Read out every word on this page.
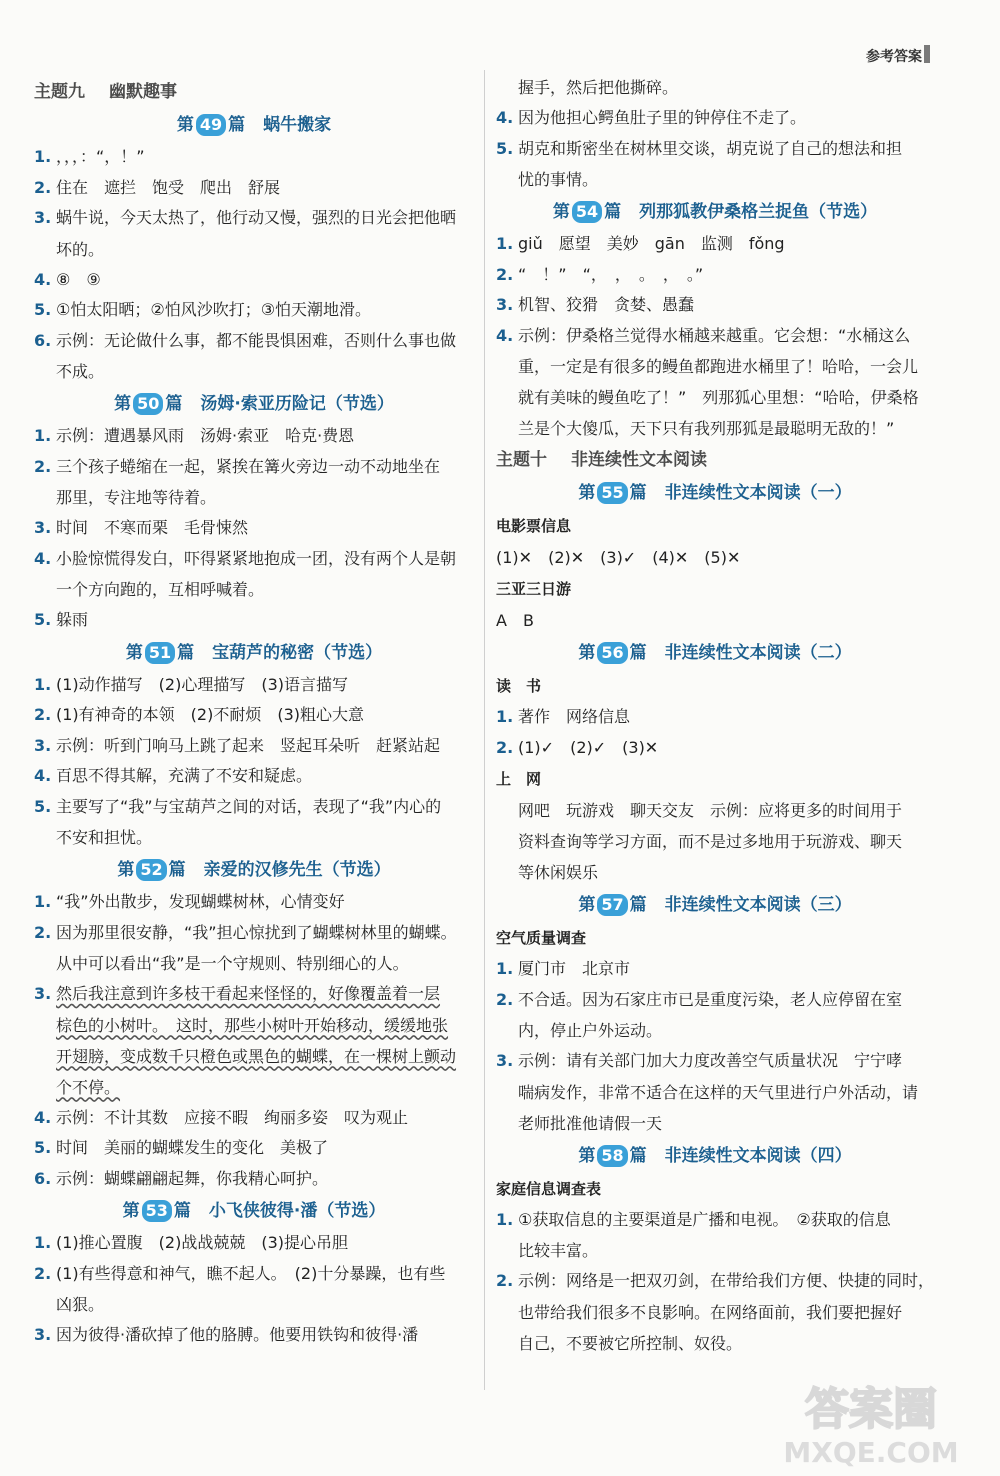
参考答案
主题九 幽默趣事
第 49 篇 蜗牛搬家
1. ，，，：“，！”
2. 住在　遮拦　饱受　爬出　舒展
3. 蜗牛说，今天太热了，他行动又慢，强烈的日光会把他晒
坏的。
4. ⑧　⑨
5. ①怕太阳晒；②怕风沙吹打；③怕天潮地滑。
6. 示例：无论做什么事，都不能畏惧困难，否则什么事也做
不成。
第 50 篇 汤姆·索亚历险记（节选）
1. 示例：遭遇暴风雨　汤姆·索亚　哈克·费恩
2. 三个孩子蜷缩在一起，紧挨在篝火旁边一动不动地坐在
那里，专注地等待着。
3. 时间　不寒而栗　毛骨悚然
4. 小脸惊慌得发白，吓得紧紧地抱成一团，没有两个人是朝
一个方向跑的，互相呼喊着。
5. 躲雨
第 51 篇 宝葫芦的秘密（节选）
1. (1)动作描写　(2)心理描写　(3)语言描写
2. (1)有神奇的本领　(2)不耐烦　(3)粗心大意
3. 示例：听到门响马上跳了起来　竖起耳朵听　赶紧站起
4. 百思不得其解，充满了不安和疑虑。
5. 主要写了“我”与宝葫芦之间的对话，表现了“我”内心的
不安和担忧。
第 52 篇 亲爱的汉修先生（节选）
1. “我”外出散步，发现蝴蝶树林，心情变好
2. 因为那里很安静，“我”担心惊扰到了蝴蝶树林里的蝴蝶。
从中可以看出“我”是一个守规则、特别细心的人。
3. 然后我注意到许多枝干看起来怪怪的，好像覆盖着一层
棕色的小树叶。　这时，那些小树叶开始移动，缓缓地张
开翅膀，变成数千只橙色或黑色的蝴蝶，在一棵树上颤动
个不停。
4. 示例：不计其数　应接不暇　绚丽多姿　叹为观止
5. 时间　美丽的蝴蝶发生的变化　美极了
6. 示例：蝴蝶翩翩起舞，你我精心呵护。
第 53 篇 小飞侠彼得·潘（节选）
1. (1)推心置腹　(2)战战兢兢　(3)提心吊胆
2. (1)有些得意和神气，瞧不起人。　(2)十分暴躁，也有些
凶狠。
3. 因为彼得·潘砍掉了他的胳膊。他要用铁钩和彼得·潘
握手，然后把他撕碎。
4. 因为他担心鳄鱼肚子里的钟停住不走了。
5. 胡克和斯密坐在树林里交谈，胡克说了自己的想法和担
忧的事情。
第 54 篇 列那狐教伊桑格兰捉鱼（节选）
1. giǔ　愿望　美妙　gān　监测　fǒng
2. “　！”　“，　，　。　，　。”
3. 机智、狡猾　贪婪、愚蠢
4. 示例：伊桑格兰觉得水桶越来越重。它会想：“水桶这么
重，一定是有很多的鳗鱼都跑进水桶里了！哈哈，一会儿
就有美味的鳗鱼吃了！”　列那狐心里想：“哈哈，伊桑格
兰是个大傻瓜，天下只有我列那狐是最聪明无敌的！”
主题十 非连续性文本阅读
第 55 篇 非连续性文本阅读（一）
电影票信息
(1)✕　(2)✕　(3)✓　(4)✕　(5)✕
三亚三日游
A　B
第 56 篇 非连续性文本阅读（二）
读　书
1. 著作　网络信息
2. (1)✓　(2)✓　(3)✕
上　网
网吧　玩游戏　聊天交友　示例：应将更多的时间用于
资料查询等学习方面，而不是过多地用于玩游戏、聊天
等休闲娱乐
第 57 篇 非连续性文本阅读（三）
空气质量调查
1. 厦门市　北京市
2. 不合适。因为石家庄市已是重度污染，老人应停留在室
内，停止户外运动。
3. 示例：请有关部门加大力度改善空气质量状况　宁宁哮
喘病发作，非常不适合在这样的天气里进行户外活动，请
老师批准他请假一天
第 58 篇 非连续性文本阅读（四）
家庭信息调查表
1. ①获取信息的主要渠道是广播和电视。　②获取的信息
比较丰富。
2. 示例：网络是一把双刃剑，在带给我们方便、快捷的同时，
也带给我们很多不良影响。在网络面前，我们要把握好
自己，不要被它所控制、奴役。
答案圈
MXQE.COM
